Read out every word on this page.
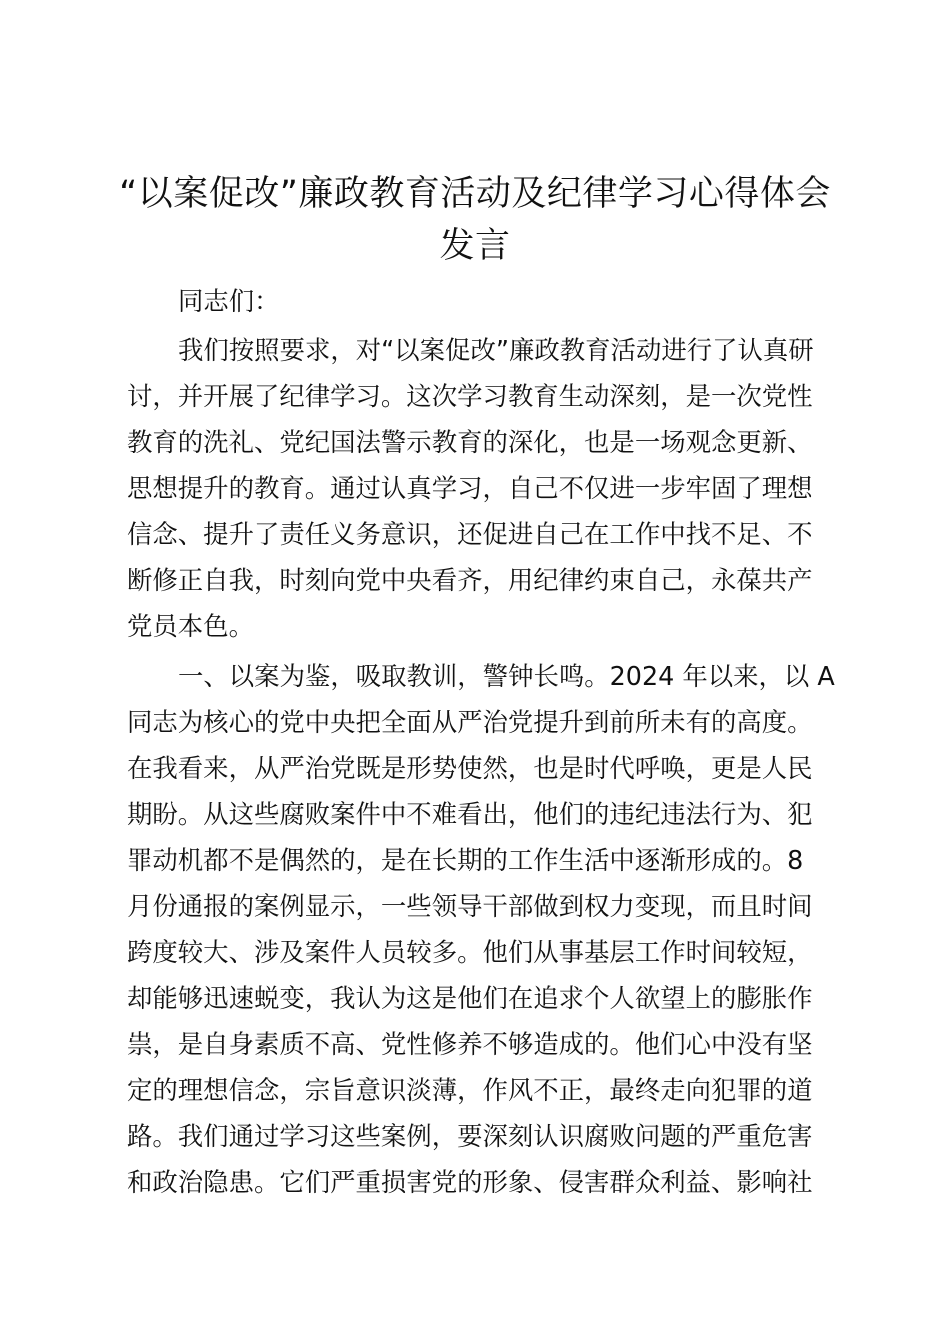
“以案促改”廉政教育活动及纪律学习心得体会
发言

同志们：

我们按照要求，对“以案促改”廉政教育活动进行了认真研
讨，并开展了纪律学习。这次学习教育生动深刻，是一次党性
教育的洗礼、党纪国法警示教育的深化，也是一场观念更新、
思想提升的教育。通过认真学习，自己不仅进一步牢固了理想
信念、提升了责任义务意识，还促进自己在工作中找不足、不
断修正自我，时刻向党中央看齐，用纪律约束自己，永葆共产
党员本色。

一、以案为鉴，吸取教训，警钟长鸣。2024 年以来，以 A
同志为核心的党中央把全面从严治党提升到前所未有的高度。
在我看来，从严治党既是形势使然，也是时代呼唤，更是人民
期盼。从这些腐败案件中不难看出，他们的违纪违法行为、犯
罪动机都不是偶然的，是在长期的工作生活中逐渐形成的。8
月份通报的案例显示，一些领导干部做到权力变现，而且时间
跨度较大、涉及案件人员较多。他们从事基层工作时间较短，
却能够迅速蜕变，我认为这是他们在追求个人欲望上的膨胀作
祟，是自身素质不高、党性修养不够造成的。他们心中没有坚
定的理想信念，宗旨意识淡薄，作风不正，最终走向犯罪的道
路。我们通过学习这些案例，要深刻认识腐败问题的严重危害
和政治隐患。它们严重损害党的形象、侵害群众利益、影响社
